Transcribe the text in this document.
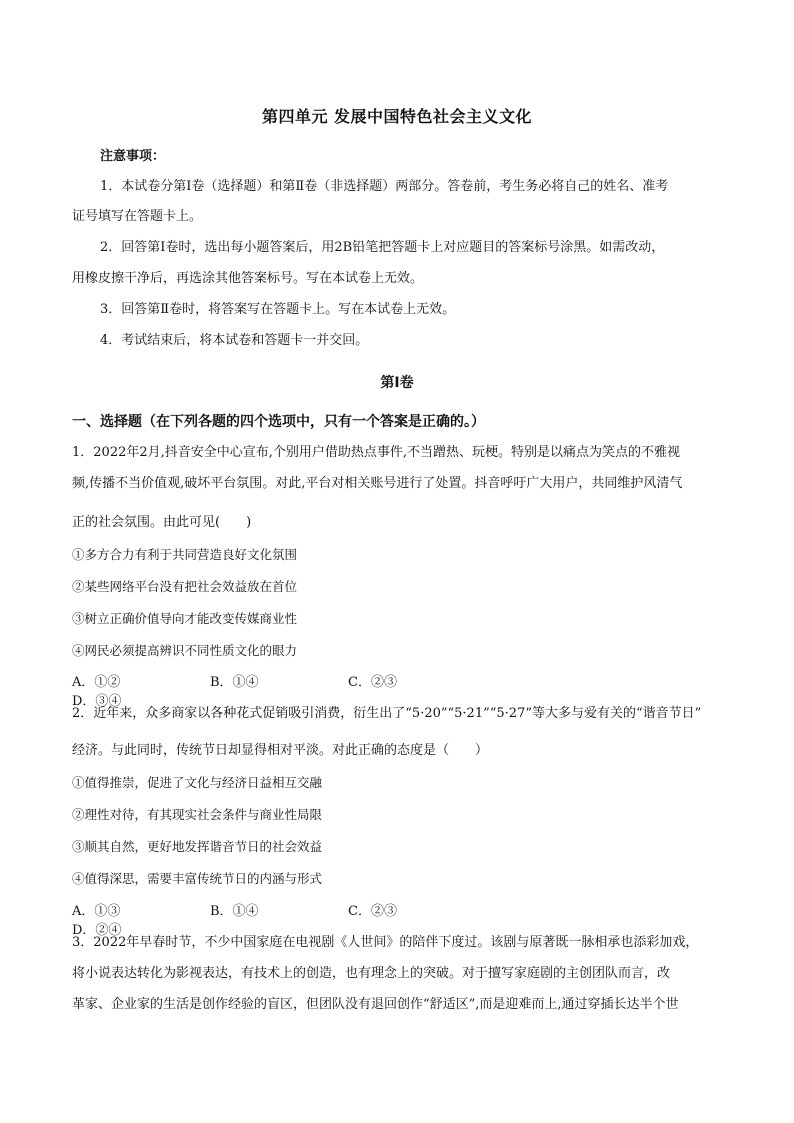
第四单元 发展中国特色社会主义文化
注意事项：
1．本试卷分第Ⅰ卷（选择题）和第Ⅱ卷（非选择题）两部分。答卷前，考生务必将自己的姓名、准考
证号填写在答题卡上。
2．回答第Ⅰ卷时，选出每小题答案后，用2B铅笔把答题卡上对应题目的答案标号涂黑。如需改动，
用橡皮擦干净后，再选涂其他答案标号。写在本试卷上无效。
3．回答第Ⅱ卷时，将答案写在答题卡上。写在本试卷上无效。
4．考试结束后，将本试卷和答题卡一并交回。
第Ⅰ卷
一、选择题（在下列各题的四个选项中，只有一个答案是正确的。）
1．2022年2月,抖音安全中心宣布,个别用户借助热点事件,不当蹭热、玩梗。特别是以痛点为笑点的不雅视
频,传播不当价值观,破坏平台氛围。对此,平台对相关账号进行了处置。抖音呼吁广大用户，共同维护风清气
正的社会氛围。由此可见(　　)
①多方合力有利于共同营造良好文化氛围
②某些网络平台没有把社会效益放在首位
③树立正确价值导向才能改变传媒商业性
④网民必须提高辨识不同性质文化的眼力
A．①②	B．①④	C．②③D．③④
2．近年来，众多商家以各种花式促销吸引消费，衍生出了“5·20”“5·21”“5·27”等大多与爱有关的“谐音节日”
经济。与此同时，传统节日却显得相对平淡。对此正确的态度是（　　）
①值得推崇，促进了文化与经济日益相互交融
②理性对待，有其现实社会条件与商业性局限
③顺其自然，更好地发挥谐音节日的社会效益
④值得深思，需要丰富传统节日的内涵与形式
A．①③	B．①④	C．②③D．②④
3．2022年早春时节，不少中国家庭在电视剧《人世间》的陪伴下度过。该剧与原著既一脉相承也添彩加戏，
将小说表达转化为影视表达，有技术上的创造，也有理念上的突破。对于擅写家庭剧的主创团队而言，改
革家、企业家的生活是创作经验的盲区，但团队没有退回创作“舒适区”,而是迎难而上,通过穿插长达半个世
